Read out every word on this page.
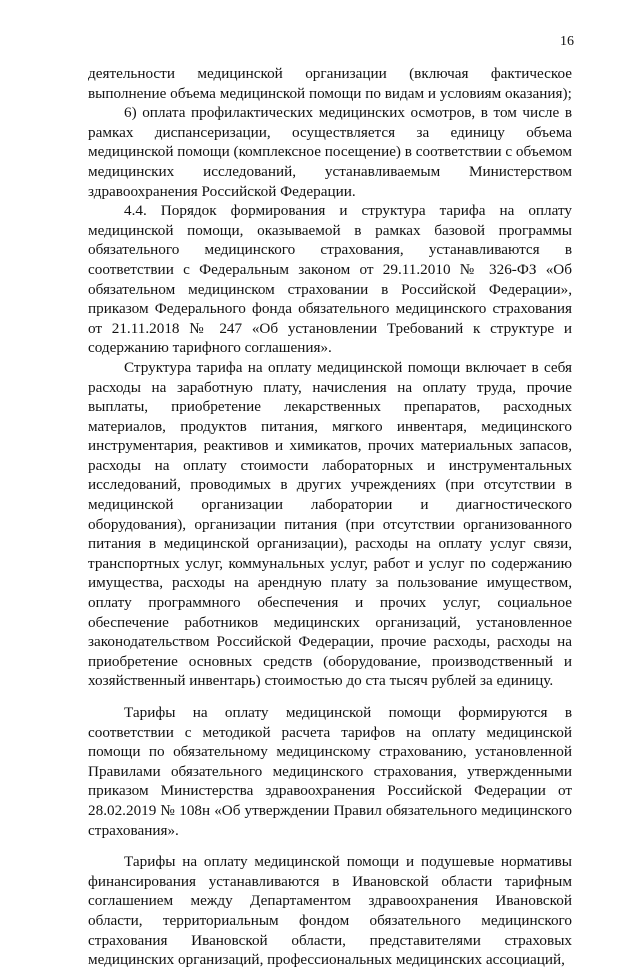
16

деятельности медицинской организации (включая фактическое выполнение объема медицинской помощи по видам и условиям оказания);

6) оплата профилактических медицинских осмотров, в том числе в рамках диспансеризации, осуществляется за единицу объема медицинской помощи (комплексное посещение) в соответствии с объемом медицинских исследований, устанавливаемым Министерством здравоохранения Российской Федерации.

4.4. Порядок формирования и структура тарифа на оплату медицинской помощи, оказываемой в рамках базовой программы обязательного медицинского страхования, устанавливаются в соответствии с Федеральным законом от 29.11.2010 № 326-ФЗ «Об обязательном медицинском страховании в Российской Федерации», приказом Федерального фонда обязательного медицинского страхования от 21.11.2018 № 247 «Об установлении Требований к структуре и содержанию тарифного соглашения».

Структура тарифа на оплату медицинской помощи включает в себя расходы на заработную плату, начисления на оплату труда, прочие выплаты, приобретение лекарственных препаратов, расходных материалов, продуктов питания, мягкого инвентаря, медицинского инструментария, реактивов и химикатов, прочих материальных запасов, расходы на оплату стоимости лабораторных и инструментальных исследований, проводимых в других учреждениях (при отсутствии в медицинской организации лаборатории и диагностического оборудования), организации питания (при отсутствии организованного питания в медицинской организации), расходы на оплату услуг связи, транспортных услуг, коммунальных услуг, работ и услуг по содержанию имущества, расходы на арендную плату за пользование имуществом, оплату программного обеспечения и прочих услуг, социальное обеспечение работников медицинских организаций, установленное законодательством Российской Федерации, прочие расходы, расходы на приобретение основных средств (оборудование, производственный и хозяйственный инвентарь) стоимостью до ста тысяч рублей за единицу.

Тарифы на оплату медицинской помощи формируются в соответствии с методикой расчета тарифов на оплату медицинской помощи по обязательному медицинскому страхованию, установленной Правилами обязательного медицинского страхования, утвержденными приказом Министерства здравоохранения Российской Федерации от 28.02.2019 № 108н «Об утверждении Правил обязательного медицинского страхования».

Тарифы на оплату медицинской помощи и подушевые нормативы финансирования устанавливаются в Ивановской области тарифным соглашением между Департаментом здравоохранения Ивановской области, территориальным фондом обязательного медицинского страхования Ивановской области, представителями страховых медицинских организаций, профессиональных медицинских ассоциаций,
